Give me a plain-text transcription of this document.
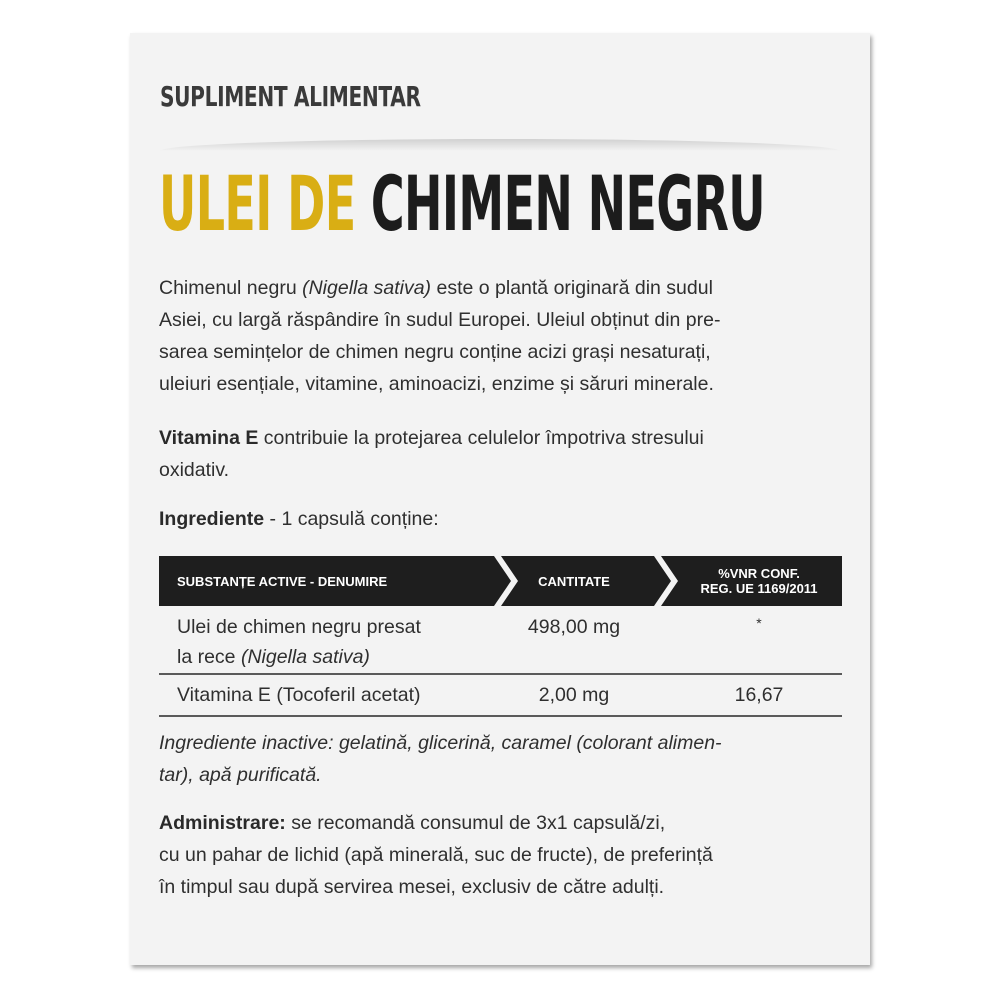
SUPLIMENT ALIMENTAR
ULEI DE CHIMEN NEGRU
Chimenul negru (Nigella sativa) este o plantă originară din sudul
Asiei, cu largă răspândire în sudul Europei. Uleiul obținut din pre-
sarea semințelor de chimen negru conține acizi grași nesaturați,
uleiuri esențiale, vitamine, aminoacizi, enzime și săruri minerale.
Vitamina E contribuie la protejarea celulelor împotriva stresului
oxidativ.
Ingrediente - 1 capsulă conține:
SUBSTANȚE ACTIVE - DENUMIRE	CANTITATE	%VNR CONF.
REG. UE 1169/2011
Ulei de chimen negru presat
la rece (Nigella sativa)
498,00 mg	*
Vitamina E (Tocoferil acetat)	2,00 mg	16,67
Ingrediente inactive: gelatină, glicerină, caramel (colorant alimen-
tar), apă purificată.
Administrare: se recomandă consumul de 3x1 capsulă/zi,
cu un pahar de lichid (apă minerală, suc de fructe), de preferință
în timpul sau după servirea mesei, exclusiv de către adulți.
